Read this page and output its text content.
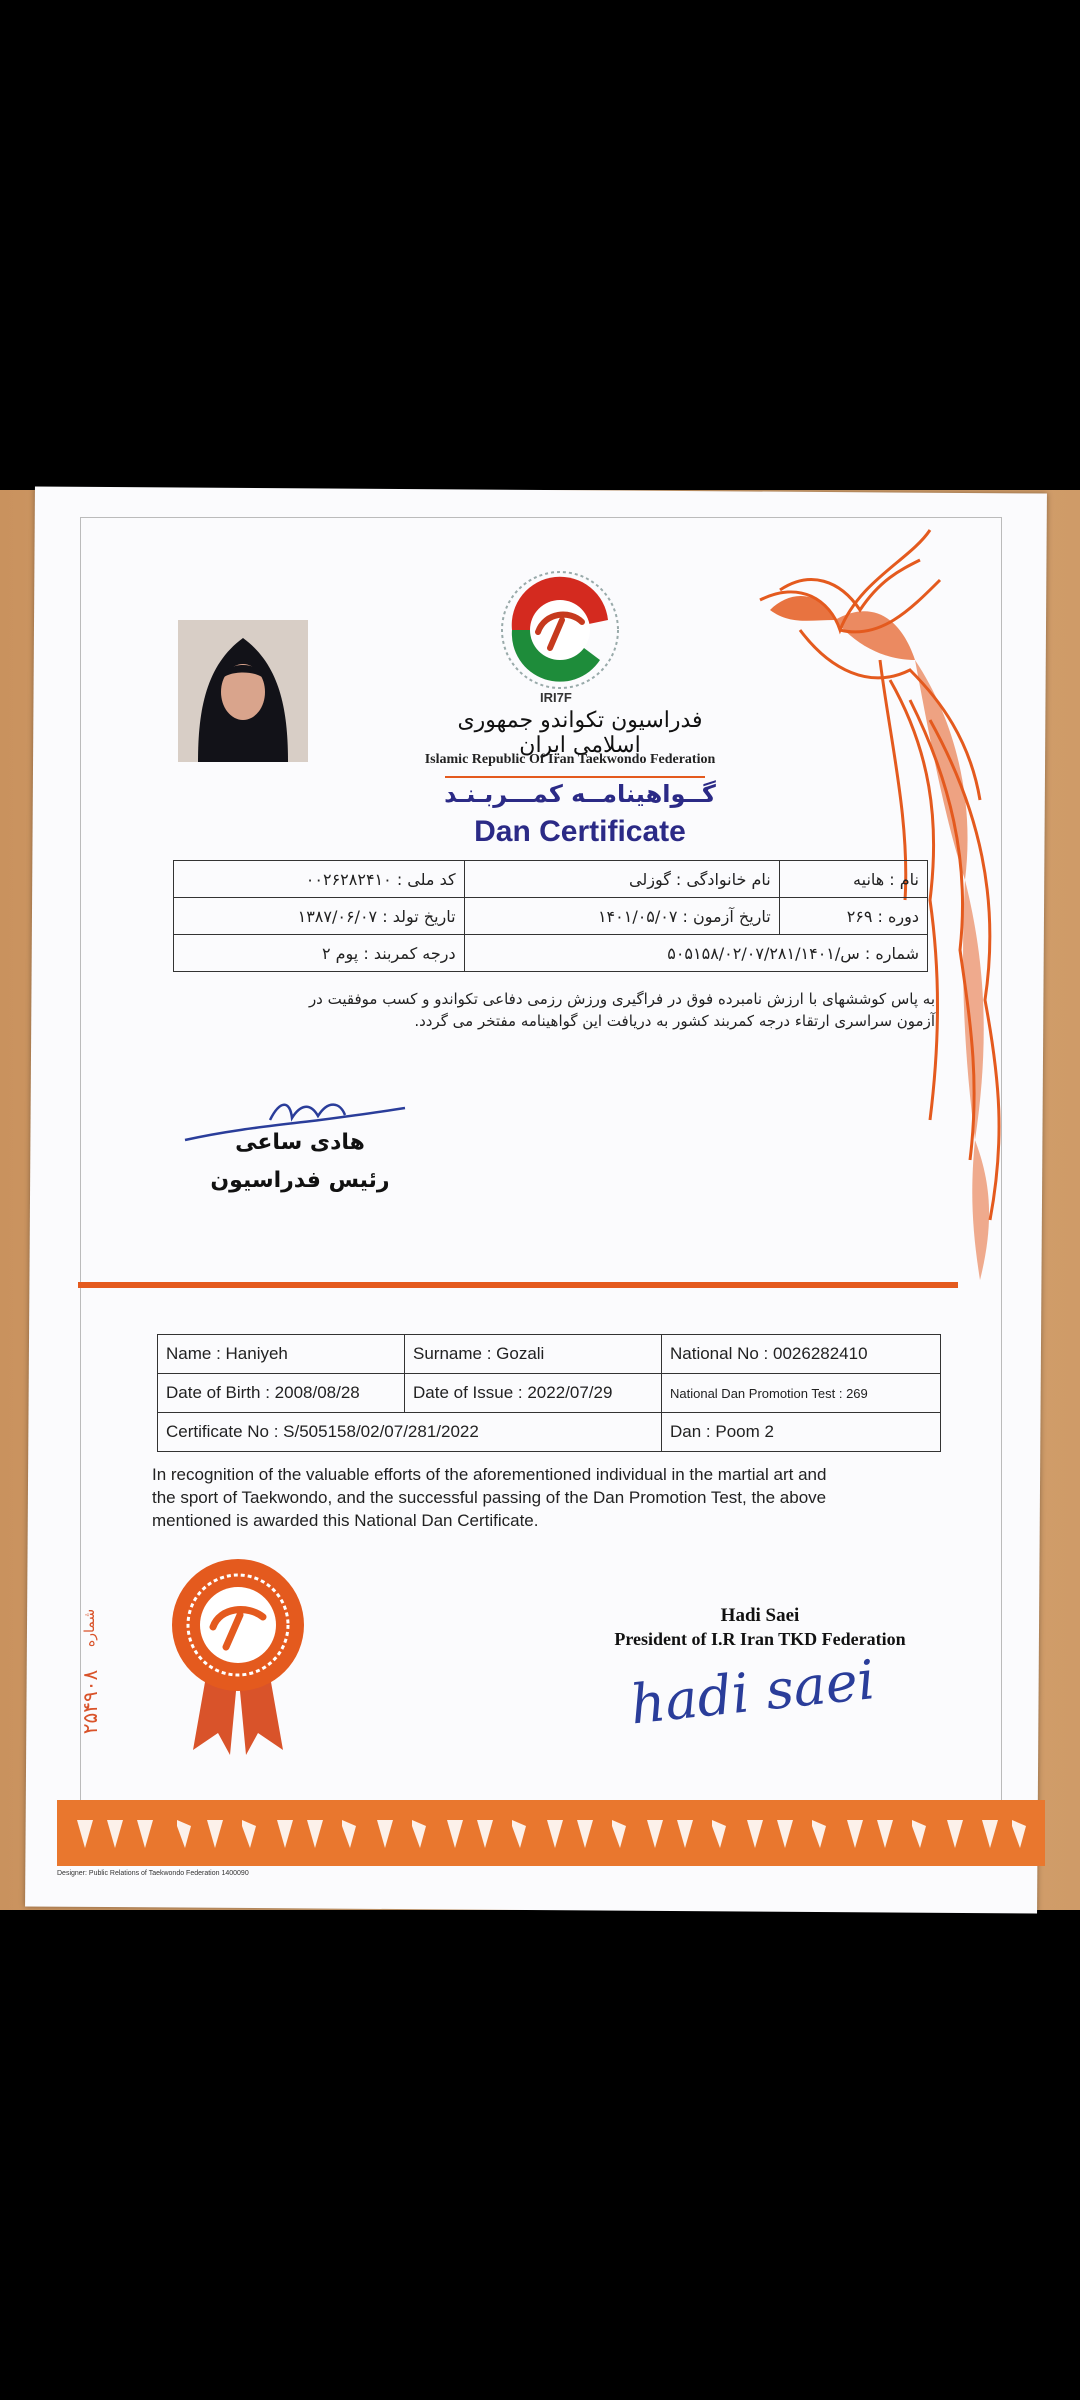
IRI7F
فدراسیون تکواندو جمهوری اسلامی ایران
Islamic Republic Of Iran Taekwondo Federation
گــواهینامــه کمـــربـنـد
Dan Certificate
نام : هانیه	نام خانوادگی : گوزلی	کد ملی : ۰۰۲۶۲۸۲۴۱۰
دوره : ۲۶۹	تاریخ آزمون : ۱۴۰۱/۰۵/۰۷	تاریخ تولد : ۱۳۸۷/۰۶/۰۷
شماره : س/۵۰۵۱۵۸/۰۲/۰۷/۲۸۱/۱۴۰۱		درجه کمربند : پوم ۲
به پاس کوششهای با ارزش نامبرده فوق در فراگیری ورزش رزمی دفاعی تکواندو و کسب موفقیت در
آزمون سراسری ارتقاء درجه کمربند کشور به دریافت این گواهینامه مفتخر می گردد.
هادی ساعی
رئیس فدراسیون
Name : Haniyeh	Surname : Gozali	National No : 0026282410
Date of Birth : 2008/08/28	Date of Issue : 2022/07/29	National Dan Promotion Test : 269
Certificate No : S/505158/02/07/281/2022		Dan : Poom 2
In recognition of the valuable efforts of the aforementioned individual in the martial art and
the sport of Taekwondo, and the successful passing of the Dan Promotion Test, the above
mentioned is awarded this National Dan Certificate.
۲۵۴۹۰۸
شماره	Hadi Saei
President of I.R Iran TKD Federation
hadi saei
Designer: Public Relations of Taekwondo Federation 1400090
